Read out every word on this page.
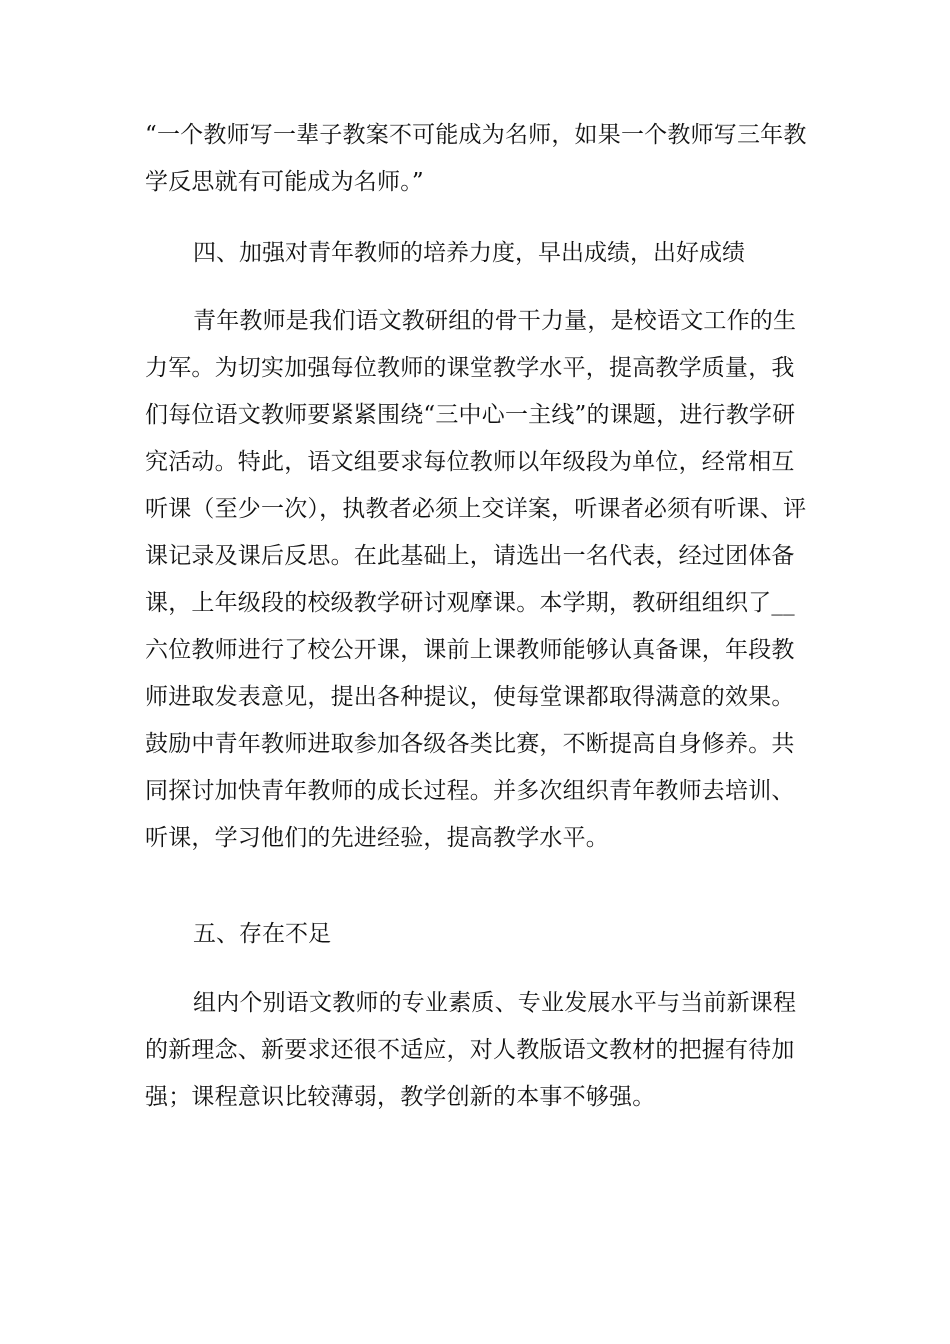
“一个教师写一辈子教案不可能成为名师，如果一个教师写三年教学反思就有可能成为名师。”

四、加强对青年教师的培养力度，早出成绩，出好成绩

青年教师是我们语文教研组的骨干力量，是校语文工作的生力军。为切实加强每位教师的课堂教学水平，提高教学质量，我们每位语文教师要紧紧围绕“三中心一主线”的课题，进行教学研究活动。特此，语文组要求每位教师以年级段为单位，经常相互听课（至少一次），执教者必须上交详案，听课者必须有听课、评课记录及课后反思。在此基础上，请选出一名代表，经过团体备课，上年级段的校级教学研讨观摩课。本学期，教研组组织了__六位教师进行了校公开课，课前上课教师能够认真备课，年段教师进取发表意见，提出各种提议，使每堂课都取得满意的效果。鼓励中青年教师进取参加各级各类比赛，不断提高自身修养。共同探讨加快青年教师的成长过程。并多次组织青年教师去培训、听课，学习他们的先进经验，提高教学水平。

五、存在不足

组内个别语文教师的专业素质、专业发展水平与当前新课程的新理念、新要求还很不适应，对人教版语文教材的把握有待加强；课程意识比较薄弱，教学创新的本事不够强。
